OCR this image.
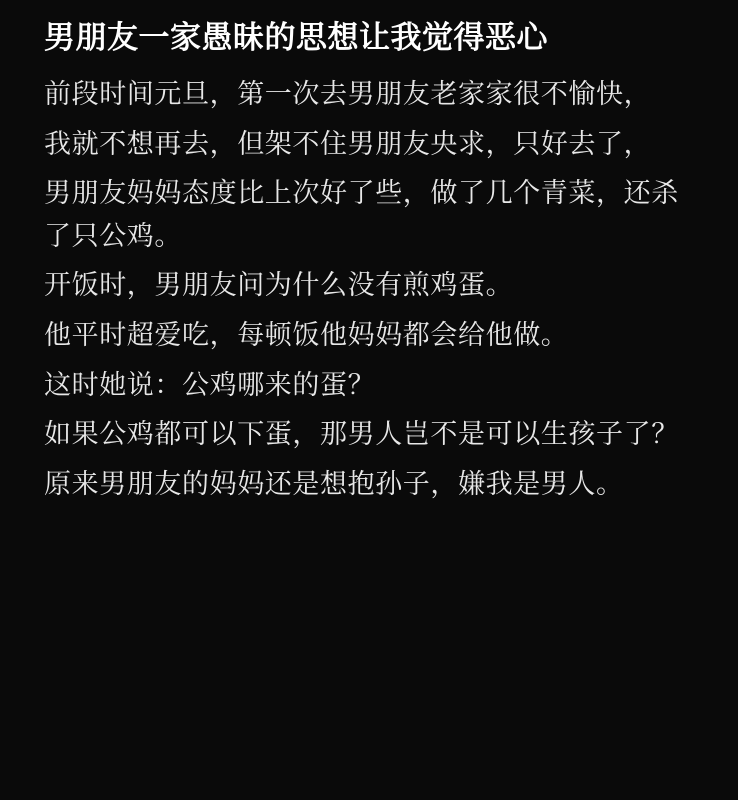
男朋友一家愚昧的思想让我觉得恶心

前段时间元旦，第一次去男朋友老家家很不愉快，

我就不想再去，但架不住男朋友央求，只好去了，

男朋友妈妈态度比上次好了些，做了几个青菜，还杀了只公鸡。

开饭时，男朋友问为什么没有煎鸡蛋。

他平时超爱吃，每顿饭他妈妈都会给他做。

这时她说：公鸡哪来的蛋？

如果公鸡都可以下蛋，那男人岂不是可以生孩子了？

原来男朋友的妈妈还是想抱孙子，嫌我是男人。
